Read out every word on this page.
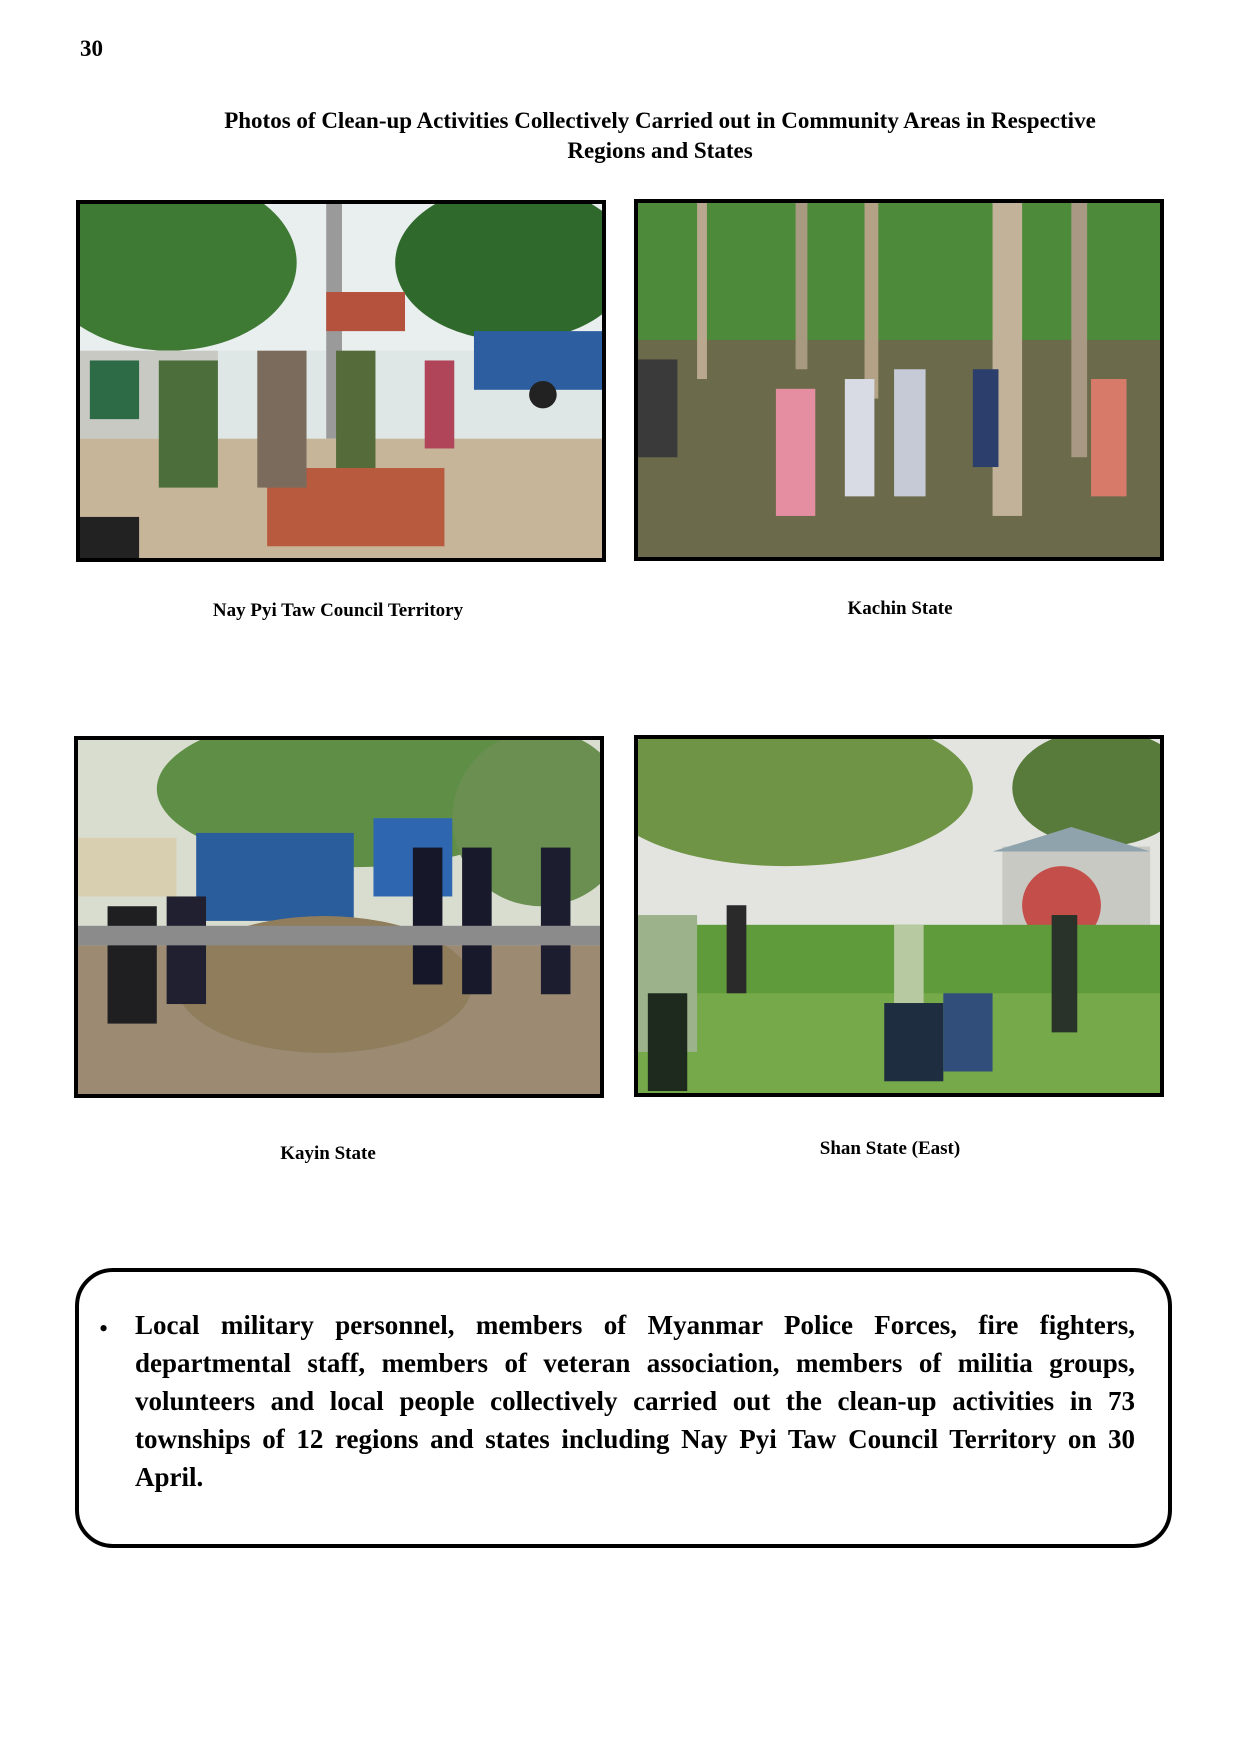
30
Photos of Clean-up Activities Collectively Carried out in Community Areas in Respective
Regions and States
Nay Pyi Taw Council Territory	Kachin State
Kayin State	Shan State (East)
• Local military personnel, members of Myanmar Police Forces, fire fighters, departmental staff, members of veteran association, members of militia groups, volunteers and local people collectively carried out the clean-up activities in 73 townships of 12 regions and states including Nay Pyi Taw Council Territory on 30 April.
